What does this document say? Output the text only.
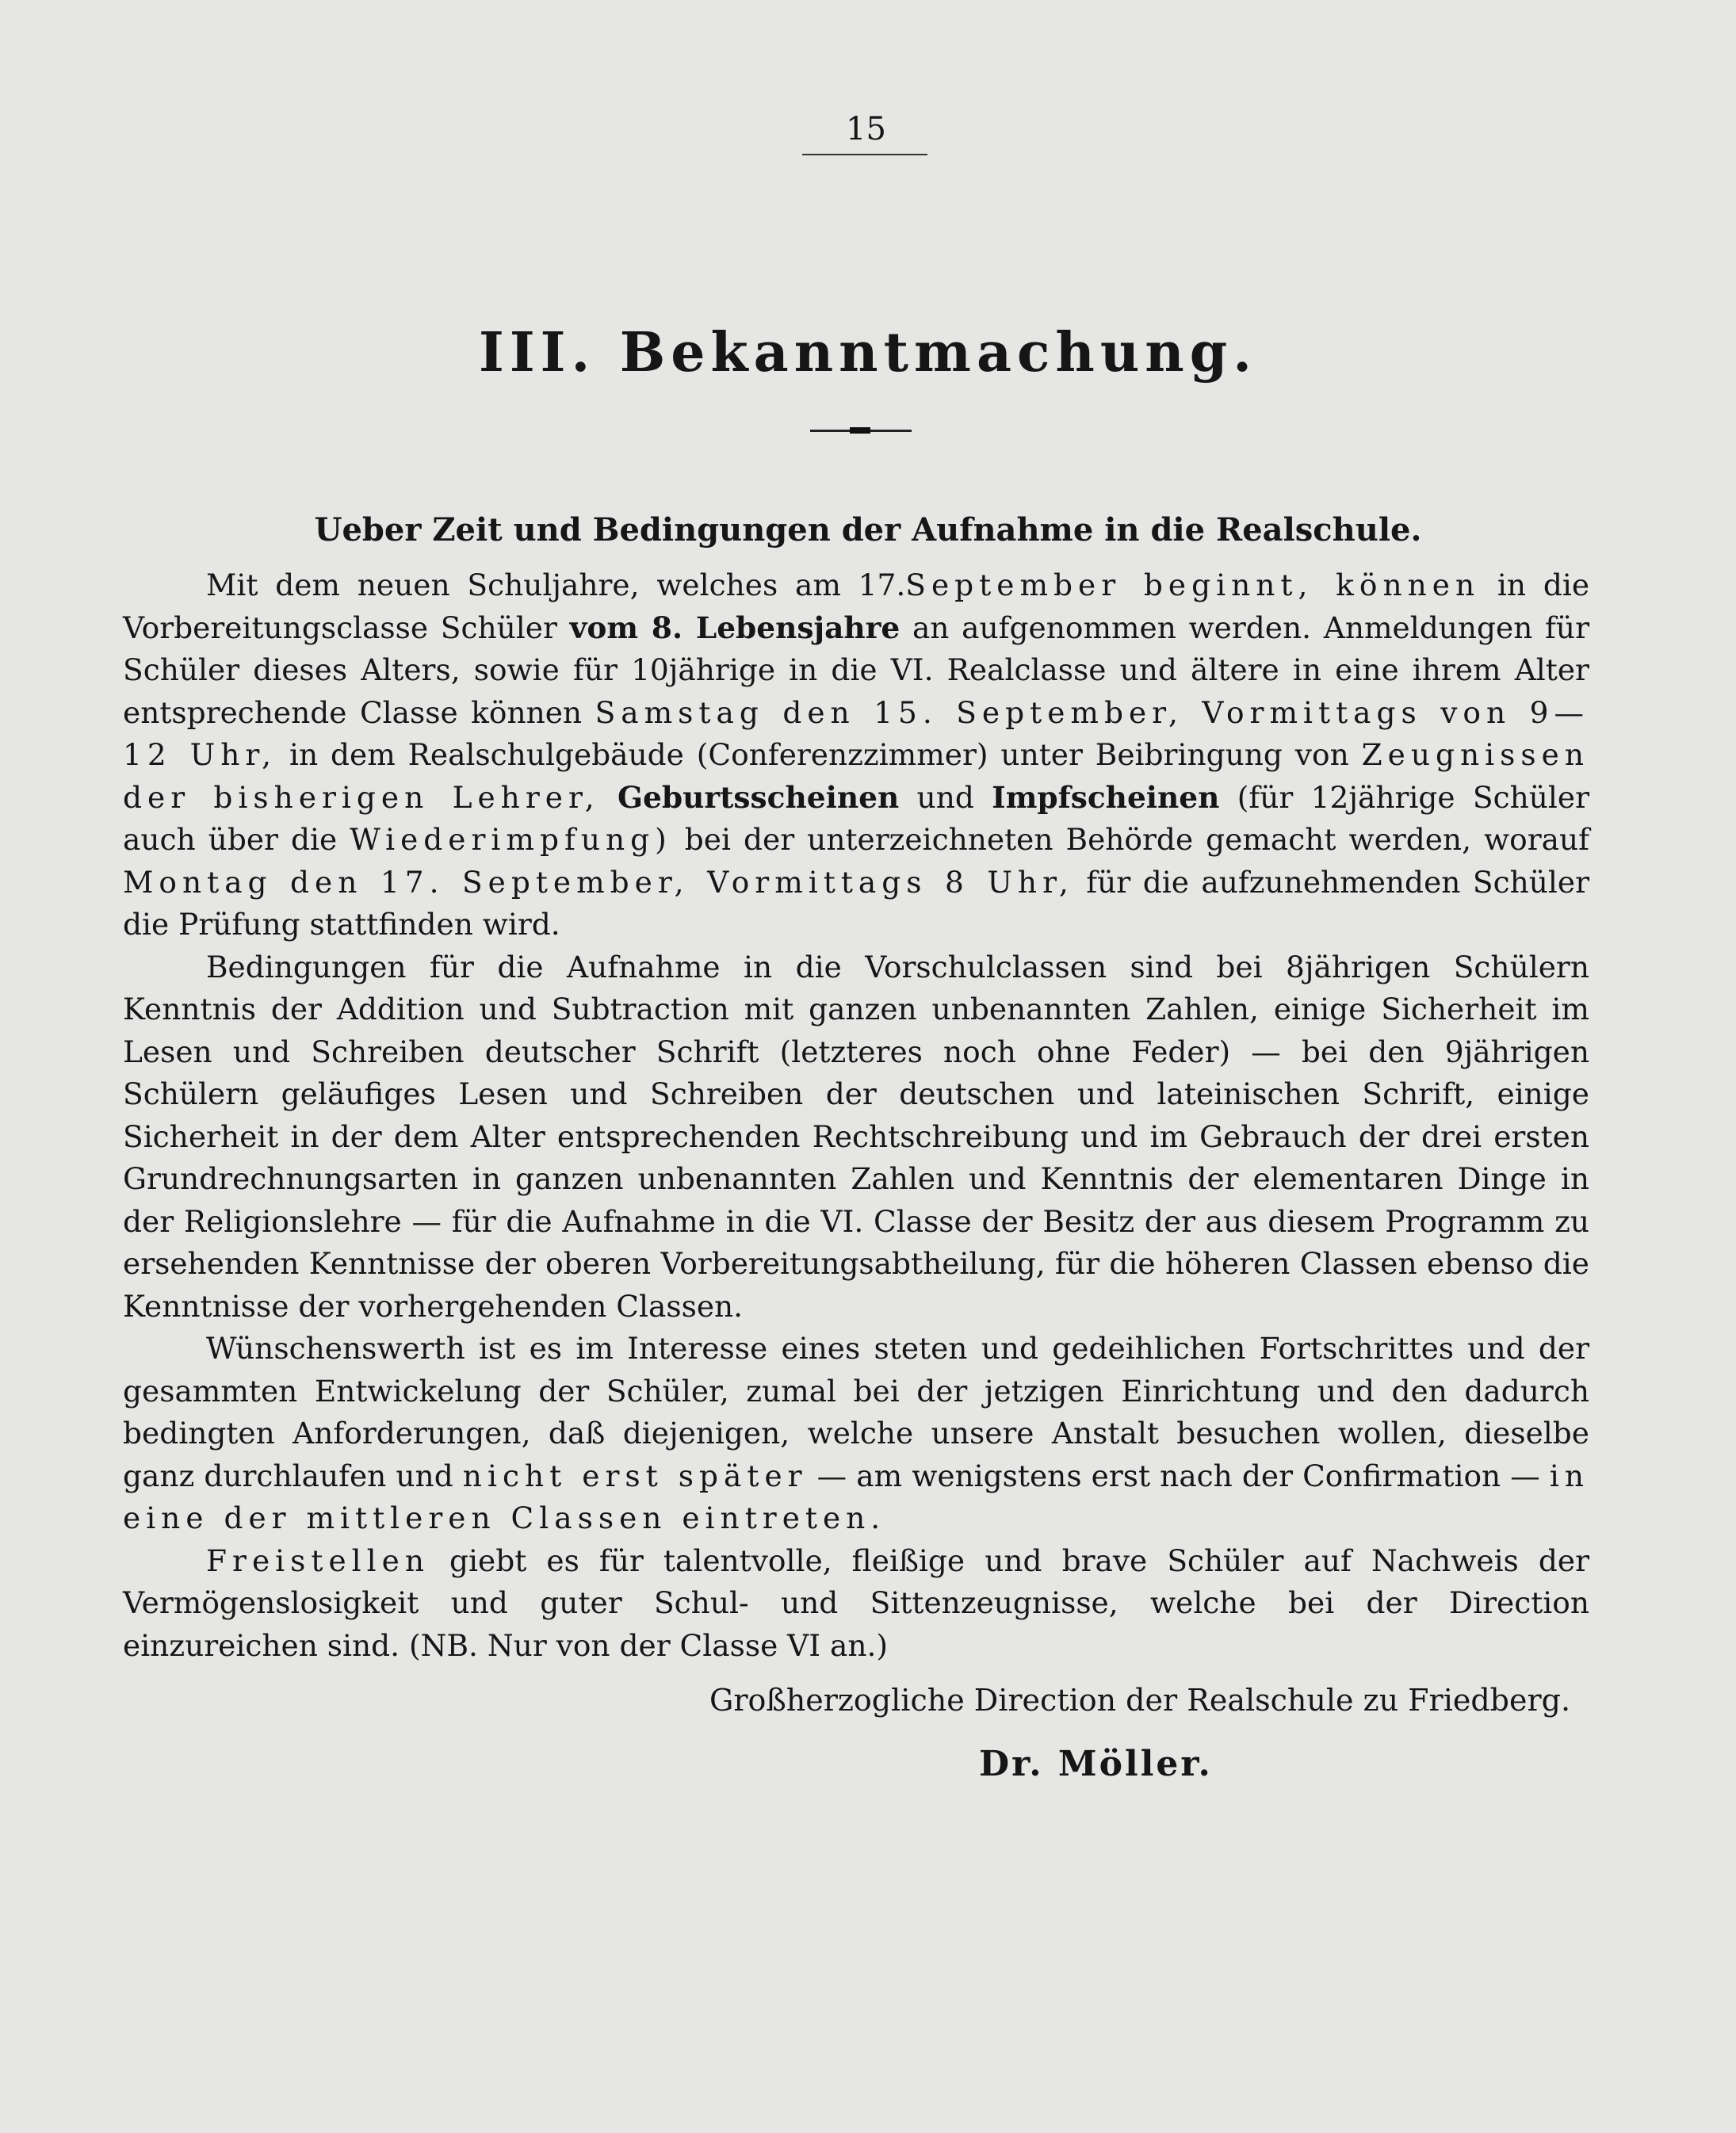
15
III. Bekanntmachung.
Ueber Zeit und Bedingungen der Aufnahme in die Realschule.

Mit dem neuen Schuljahre, welches am 17.September beginnt, können in die Vorbereitungsclasse Schüler vom 8. Lebensjahre an aufgenommen werden. Anmeldungen für Schüler dieses Alters, sowie für 10jährige in die VI. Realclasse und ältere in eine ihrem Alter entsprechende Classe können Samstag den 15. September, Vormittags von 9—12 Uhr, in dem Realschulgebäude (Conferenzzimmer) unter Beibringung von Zeugnissen der bisherigen Lehrer, Geburtsscheinen und Impfscheinen (für 12jährige Schüler auch über die Wiederimpfung) bei der unterzeichneten Behörde gemacht werden, worauf Montag den 17. September, Vormittags 8 Uhr, für die aufzunehmenden Schüler die Prüfung stattfinden wird.

Bedingungen für die Aufnahme in die Vorschulclassen sind bei 8jährigen Schülern Kenntnis der Addition und Subtraction mit ganzen unbenannten Zahlen, einige Sicherheit im Lesen und Schreiben deutscher Schrift (letzteres noch ohne Feder) — bei den 9jährigen Schülern geläufiges Lesen und Schreiben der deutschen und lateinischen Schrift, einige Sicherheit in der dem Alter entsprechenden Rechtschreibung und im Gebrauch der drei ersten Grundrechnungsarten in ganzen unbenannten Zahlen und Kenntnis der elementaren Dinge in der Religionslehre — für die Aufnahme in die VI. Classe der Besitz der aus diesem Programm zu ersehenden Kenntnisse der oberen Vorbereitungsabtheilung, für die höheren Classen ebenso die Kenntnisse der vorhergehenden Classen.

Wünschenswerth ist es im Interesse eines steten und gedeihlichen Fortschrittes und der gesammten Entwickelung der Schüler, zumal bei der jetzigen Einrichtung und den dadurch bedingten Anforderungen, daß diejenigen, welche unsere Anstalt besuchen wollen, dieselbe ganz durchlaufen und nicht erst später — am wenigstens erst nach der Confirmation — in eine der mittleren Classen eintreten.

Freistellen giebt es für talentvolle, fleißige und brave Schüler auf Nachweis der Vermögenslosigkeit und guter Schul- und Sittenzeugnisse, welche bei der Direction einzureichen sind. (NB. Nur von der Classe VI an.)

Großherzogliche Direction der Realschule zu Friedberg.
Dr. Möller.
